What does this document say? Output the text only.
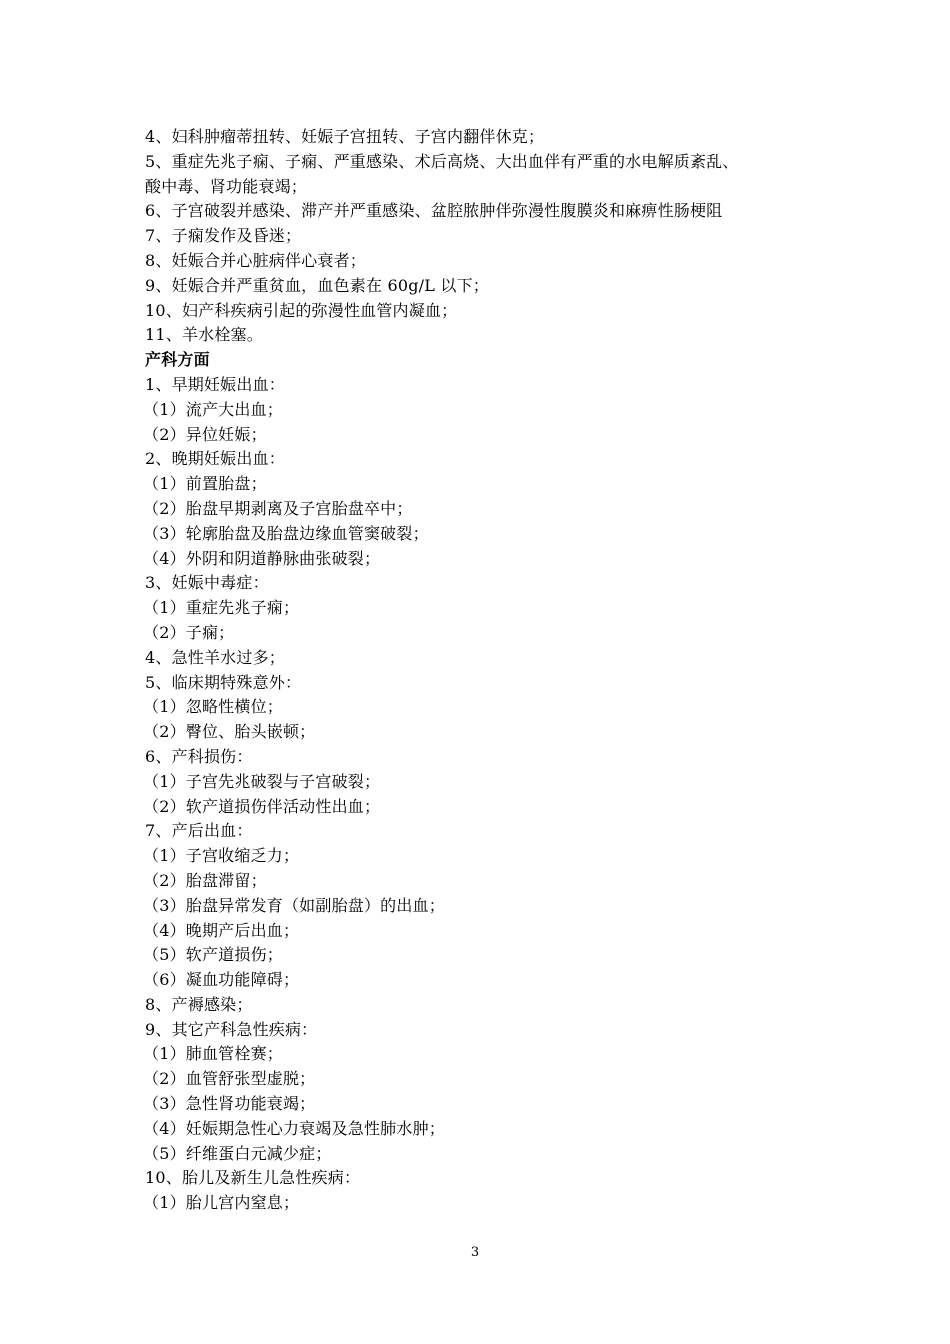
4、妇科肿瘤蒂扭转、妊娠子宫扭转、子宫内翻伴休克；
5、重症先兆子痫、子痫、严重感染、术后高烧、大出血伴有严重的水电解质紊乱、
酸中毒、肾功能衰竭；
6、子宫破裂并感染、滞产并严重感染、盆腔脓肿伴弥漫性腹膜炎和麻痹性肠梗阻
7、子痫发作及昏迷；
8、妊娠合并心脏病伴心衰者；
9、妊娠合并严重贫血，血色素在 60g/L 以下；
10、妇产科疾病引起的弥漫性血管内凝血；
11、羊水栓塞。
产科方面
1、早期妊娠出血：
（1）流产大出血；
（2）异位妊娠；
2、晚期妊娠出血：
（1）前置胎盘；
（2）胎盘早期剥离及子宫胎盘卒中；
（3）轮廓胎盘及胎盘边缘血管窦破裂；
（4）外阴和阴道静脉曲张破裂；
3、妊娠中毒症：
（1）重症先兆子痫；
（2）子痫；
4、急性羊水过多；
5、临床期特殊意外：
（1）忽略性横位；
（2）臀位、胎头嵌顿；
6、产科损伤：
（1）子宫先兆破裂与子宫破裂；
（2）软产道损伤伴活动性出血；
7、产后出血：
（1）子宫收缩乏力；
（2）胎盘滞留；
（3）胎盘异常发育（如副胎盘）的出血；
（4）晚期产后出血；
（5）软产道损伤；
（6）凝血功能障碍；
8、产褥感染；
9、其它产科急性疾病：
（1）肺血管栓赛；
（2）血管舒张型虚脱；
（3）急性肾功能衰竭；
（4）妊娠期急性心力衰竭及急性肺水肿；
（5）纤维蛋白元减少症；
10、胎儿及新生儿急性疾病：
（1）胎儿宫内窒息；
3
